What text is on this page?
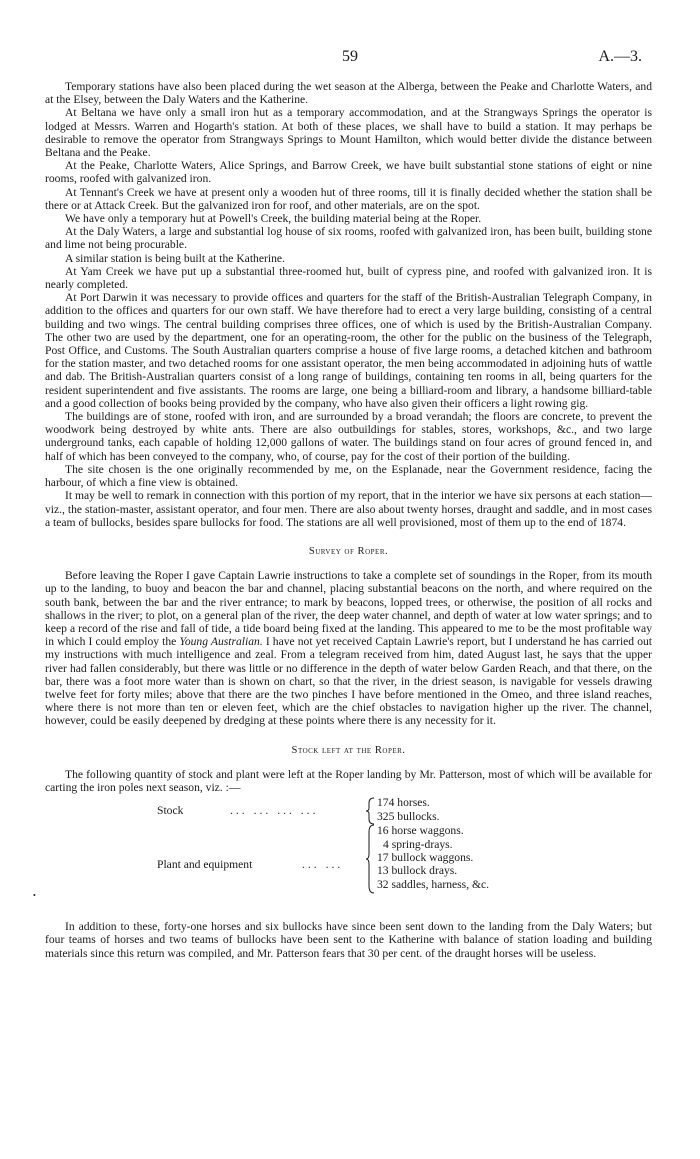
59	A.—3.

Temporary stations have also been placed during the wet season at the Alberga, between the Peake and Charlotte Waters, and at the Elsey, between the Daly Waters and the Katherine.

At Beltana we have only a small iron hut as a temporary accommodation, and at the Strangways Springs the operator is lodged at Messrs. Warren and Hogarth's station. At both of these places, we shall have to build a station. It may perhaps be desirable to remove the operator from Strangways Springs to Mount Hamilton, which would better divide the distance between Beltana and the Peake.

At the Peake, Charlotte Waters, Alice Springs, and Barrow Creek, we have built substantial stone stations of eight or nine rooms, roofed with galvanized iron.

At Tennant's Creek we have at present only a wooden hut of three rooms, till it is finally decided whether the station shall be there or at Attack Creek. But the galvanized iron for roof, and other materials, are on the spot.

We have only a temporary hut at Powell's Creek, the building material being at the Roper.

At the Daly Waters, a large and substantial log house of six rooms, roofed with galvanized iron, has been built, building stone and lime not being procurable.

A similar station is being built at the Katherine.

At Yam Creek we have put up a substantial three-roomed hut, built of cypress pine, and roofed with galvanized iron. It is nearly completed.

At Port Darwin it was necessary to provide offices and quarters for the staff of the British-Australian Telegraph Company, in addition to the offices and quarters for our own staff. We have therefore had to erect a very large building, consisting of a central building and two wings. The central building comprises three offices, one of which is used by the British-Australian Company. The other two are used by the department, one for an operating-room, the other for the public on the business of the Telegraph, Post Office, and Customs. The South Australian quarters comprise a house of five large rooms, a detached kitchen and bathroom for the station master, and two detached rooms for one assistant operator, the men being accommodated in adjoining huts of wattle and dab. The British-Australian quarters consist of a long range of buildings, containing ten rooms in all, being quarters for the resident superintendent and five assistants. The rooms are large, one being a billiard-room and library, a handsome billiard-table and a good collection of books being provided by the company, who have also given their officers a light rowing gig.

The buildings are of stone, roofed with iron, and are surrounded by a broad verandah; the floors are concrete, to prevent the woodwork being destroyed by white ants. There are also outbuildings for stables, stores, workshops, &c., and two large underground tanks, each capable of holding 12,000 gallons of water. The buildings stand on four acres of ground fenced in, and half of which has been conveyed to the company, who, of course, pay for the cost of their portion of the building.

The site chosen is the one originally recommended by me, on the Esplanade, near the Government residence, facing the harbour, of which a fine view is obtained.

It may be well to remark in connection with this portion of my report, that in the interior we have six persons at each station—viz., the station-master, assistant operator, and four men. There are also about twenty horses, draught and saddle, and in most cases a team of bullocks, besides spare bullocks for food. The stations are all well provisioned, most of them up to the end of 1874.

Survey of Roper.

Before leaving the Roper I gave Captain Lawrie instructions to take a complete set of soundings in the Roper, from its mouth up to the landing, to buoy and beacon the bar and channel, placing substantial beacons on the north, and where required on the south bank, between the bar and the river entrance; to mark by beacons, lopped trees, or otherwise, the position of all rocks and shallows in the river; to plot, on a general plan of the river, the deep water channel, and depth of water at low water springs; and to keep a record of the rise and fall of tide, a tide board being fixed at the landing. This appeared to me to be the most profitable way in which I could employ the Young Australian. I have not yet received Captain Lawrie's report, but I understand he has carried out my instructions with much intelligence and zeal. From a telegram received from him, dated August last, he says that the upper river had fallen considerably, but there was little or no difference in the depth of water below Garden Reach, and that there, on the bar, there was a foot more water than is shown on chart, so that the river, in the driest season, is navigable for vessels drawing twelve feet for forty miles; above that there are the two pinches I have before mentioned in the Omeo, and three island reaches, where there is not more than ten or eleven feet, which are the chief obstacles to navigation higher up the river. The channel, however, could be easily deepened by dredging at these points where there is any necessity for it.

Stock left at the Roper.

The following quantity of stock and plant were left at the Roper landing by Mr. Patterson, most of which will be available for carting the iron poles next season, viz. :—

•
Stock	... ... ... ...
174 horses.
325 bullocks.
Plant and equipment	... ...
16 horse waggons.
4 spring-drays.
17 bullock waggons.
13 bullock drays.
32 saddles, harness, &c.

In addition to these, forty-one horses and six bullocks have since been sent down to the landing from the Daly Waters; but four teams of horses and two teams of bullocks have been sent to the Katherine with balance of station loading and building materials since this return was compiled, and Mr. Patterson fears that 30 per cent. of the draught horses will be useless.
